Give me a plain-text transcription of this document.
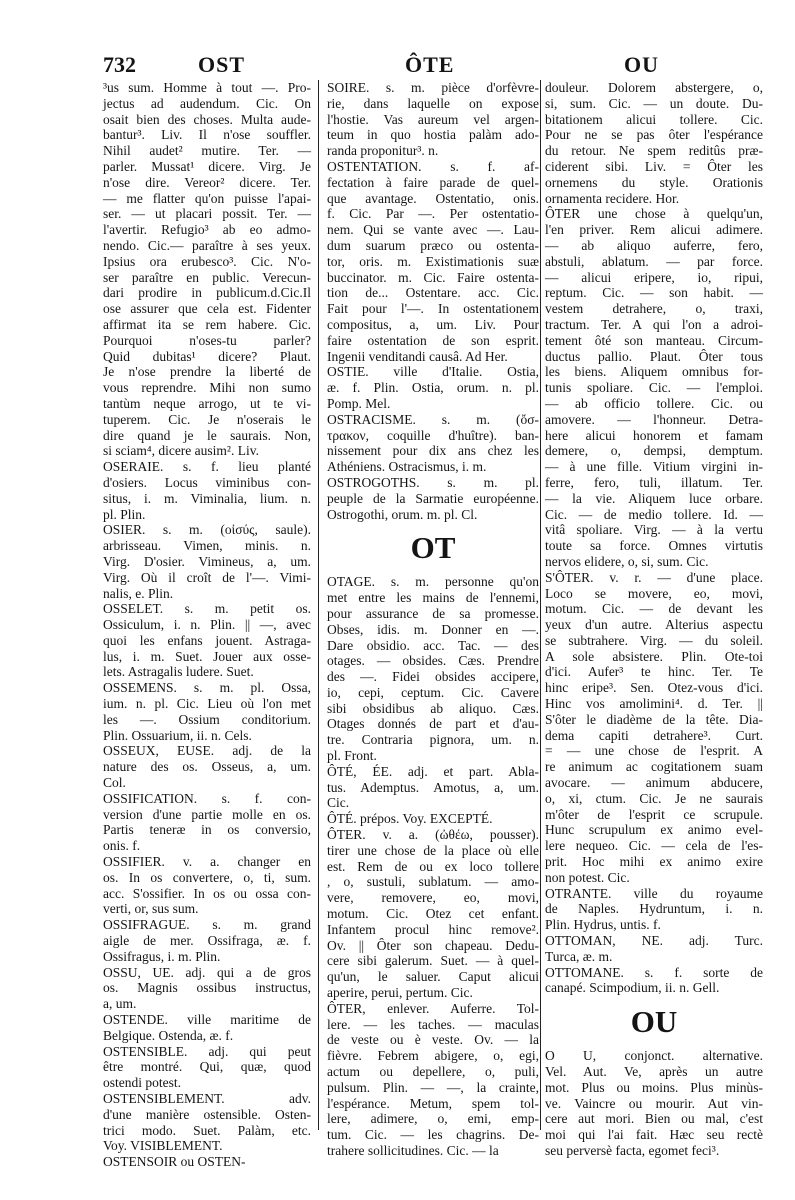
732	OST	ÔTE	OU
³us sum. Homme à tout —. Pro-
jectus ad audendum. Cic. On
osait bien des choses. Multa aude-
bantur³. Liv. Il n'ose souffler.
Nihil audet² mutire. Ter. —
parler. Mussat¹ dicere. Virg. Je
n'ose dire. Vereor² dicere. Ter.
— me flatter qu'on puisse l'apai-
ser. — ut placari possit. Ter. —
l'avertir. Refugio³ ab eo admo-
nendo. Cic.— paraître à ses yeux.
Ipsius ora erubesco³. Cic. N'o-
ser paraître en public. Verecun-
dari prodire in publicum.d.Cic.Il
ose assurer que cela est. Fidenter
affirmat ita se rem habere. Cic.
Pourquoi n'oses-tu parler?
Quid dubitas¹ dicere? Plaut.
Je n'ose prendre la liberté de
vous reprendre. Mihi non sumo
tantùm neque arrogo, ut te vi-
tuperem. Cic. Je n'oserais le
dire quand je le saurais. Non,
si sciam⁴, dicere ausim². Liv.
OSERAIE. s. f. lieu planté
d'osiers. Locus viminibus con-
situs, i. m. Viminalia, lium. n.
pl. Plin.
OSIER. s. m. (οἰσύς, saule).
arbrisseau. Vimen, minis. n.
Virg. D'osier. Vimineus, a, um.
Virg. Où il croît de l'—. Vimi-
nalis, e. Plin.
OSSELET. s. m. petit os.
Ossiculum, i. n. Plin. || —, avec
quoi les enfans jouent. Astraga-
lus, i. m. Suet. Jouer aux osse-
lets. Astragalis ludere. Suet.
OSSEMENS. s. m. pl. Ossa,
ium. n. pl. Cic. Lieu où l'on met
les —. Ossium conditorium.
Plin. Ossuarium, ii. n. Cels.
OSSEUX, EUSE. adj. de la
nature des os. Osseus, a, um.
Col.
OSSIFICATION. s. f. con-
version d'une partie molle en os.
Partis teneræ in os conversio,
onis. f.
OSSIFIER. v. a. changer en
os. In os convertere, o, ti, sum.
acc. S'ossifier. In os ou ossa con-
verti, or, sus sum.
OSSIFRAGUE. s. m. grand
aigle de mer. Ossifraga, æ. f.
Ossifragus, i. m. Plin.
OSSU, UE. adj. qui a de gros
os. Magnis ossibus instructus,
a, um.
OSTENDE. ville maritime de
Belgique. Ostenda, æ. f.
OSTENSIBLE. adj. qui peut
être montré. Qui, quæ, quod
ostendi potest.
OSTENSIBLEMENT. adv.
d'une manière ostensible. Osten-
trici modo. Suet. Palàm, etc.
Voy. VISIBLEMENT.
OSTENSOIR ou OSTEN-
SOIRE. s. m. pièce d'orfèvre-
rie, dans laquelle on expose
l'hostie. Vas aureum vel argen-
teum in quo hostia palàm ado-
randa proponitur³. n.
OSTENTATION. s. f. af-
fectation à faire parade de quel-
que avantage. Ostentatio, onis.
f. Cic. Par —. Per ostentatio-
nem. Qui se vante avec —. Lau-
dum suarum præco ou ostenta-
tor, oris. m. Existimationis suæ
buccinator. m. Cic. Faire ostenta-
tion de... Ostentare. acc. Cic.
Fait pour l'—. In ostentationem
compositus, a, um. Liv. Pour
faire ostentation de son esprit.
Ingenii venditandi causâ. Ad Her.
OSTIE. ville d'Italie. Ostia,
æ. f. Plin. Ostia, orum. n. pl.
Pomp. Mel.
OSTRACISME. s. m. (ὄσ-
τρακον, coquille d'huître). ban-
nissement pour dix ans chez les
Athéniens. Ostracismus, i. m.
OSTROGOTHS. s. m. pl.
peuple de la Sarmatie européenne.
Ostrogothi, orum. m. pl. Cl.
OT
OTAGE. s. m. personne qu'on
met entre les mains de l'ennemi,
pour assurance de sa promesse.
Obses, idis. m. Donner en —.
Dare obsidio. acc. Tac. — des
otages. — obsides. Cæs. Prendre
des —. Fidei obsides accipere,
io, cepi, ceptum. Cic. Cavere
sibi obsidibus ab aliquo. Cæs.
Otages donnés de part et d'au-
tre. Contraria pignora, um. n.
pl. Front.
ÔTÉ, ÉE. adj. et part. Abla-
tus. Ademptus. Amotus, a, um.
Cic.
ÔTÉ. prépos. Voy. EXCEPTÉ.
ÔTER. v. a. (ὠθέω, pousser).
tirer une chose de la place où elle
est. Rem de ou ex loco tollere
, o, sustuli, sublatum. — amo-
vere, removere, eo, movi,
motum. Cic. Otez cet enfant.
Infantem procul hinc remove².
Ov. || Ôter son chapeau. Dedu-
cere sibi galerum. Suet. — à quel-
qu'un, le saluer. Caput alicui
aperire, perui, pertum. Cic.
ÔTER, enlever. Auferre. Tol-
lere. — les taches. — maculas
de veste ou è veste. Ov. — la
fièvre. Febrem abigere, o, egi,
actum ou depellere, o, puli,
pulsum. Plin. — —, la crainte,
l'espérance. Metum, spem tol-
lere, adimere, o, emi, emp-
tum. Cic. — les chagrins. De-
trahere sollicitudines. Cic. — la
douleur. Dolorem abstergere, o,
si, sum. Cic. — un doute. Du-
bitationem alicui tollere. Cic.
Pour ne se pas ôter l'espérance
du retour. Ne spem reditûs præ-
ciderent sibi. Liv. = Ôter les
ornemens du style. Orationis
ornamenta recidere. Hor.
ÔTER une chose à quelqu'un,
l'en priver. Rem alicui adimere.
— ab aliquo auferre, fero,
abstuli, ablatum. — par force.
— alicui eripere, io, ripui,
reptum. Cic. — son habit. —
vestem detrahere, o, traxi,
tractum. Ter. A qui l'on a adroi-
tement ôté son manteau. Circum-
ductus pallio. Plaut. Ôter tous
les biens. Aliquem omnibus for-
tunis spoliare. Cic. — l'emploi.
— ab officio tollere. Cic. ou
amovere. — l'honneur. Detra-
here alicui honorem et famam
demere, o, dempsi, demptum.
— à une fille. Vitium virgini in-
ferre, fero, tuli, illatum. Ter.
— la vie. Aliquem luce orbare.
Cic. — de medio tollere. Id. —
vitâ spoliare. Virg. — à la vertu
toute sa force. Omnes virtutis
nervos elidere, o, si, sum. Cic.
S'ÔTER. v. r. — d'une place.
Loco se movere, eo, movi,
motum. Cic. — de devant les
yeux d'un autre. Alterius aspectu
se subtrahere. Virg. — du soleil.
A sole absistere. Plin. Ote-toi
d'ici. Aufer³ te hinc. Ter. Te
hinc eripe³. Sen. Otez-vous d'ici.
Hinc vos amolimini⁴. d. Ter. ||
S'ôter le diadème de la tête. Dia-
dema capiti detrahere³. Curt.
= — une chose de l'esprit. A
re animum ac cogitationem suam
avocare. — animum abducere,
o, xi, ctum. Cic. Je ne saurais
m'ôter de l'esprit ce scrupule.
Hunc scrupulum ex animo evel-
lere nequeo. Cic. — cela de l'es-
prit. Hoc mihi ex animo exire
non potest. Cic.
OTRANTE. ville du royaume
de Naples. Hydruntum, i. n.
Plin. Hydrus, untis. f.
OTTOMAN, NE. adj. Turc.
Turca, æ. m.
OTTOMANE. s. f. sorte de
canapé. Scimpodium, ii. n. Gell.
OU
O U, conjonct. alternative.
Vel. Aut. Ve, après un autre
mot. Plus ou moins. Plus minùs-
ve. Vaincre ou mourir. Aut vin-
cere aut mori. Bien ou mal, c'est
moi qui l'ai fait. Hæc seu rectè
seu perversè facta, egomet feci³.
